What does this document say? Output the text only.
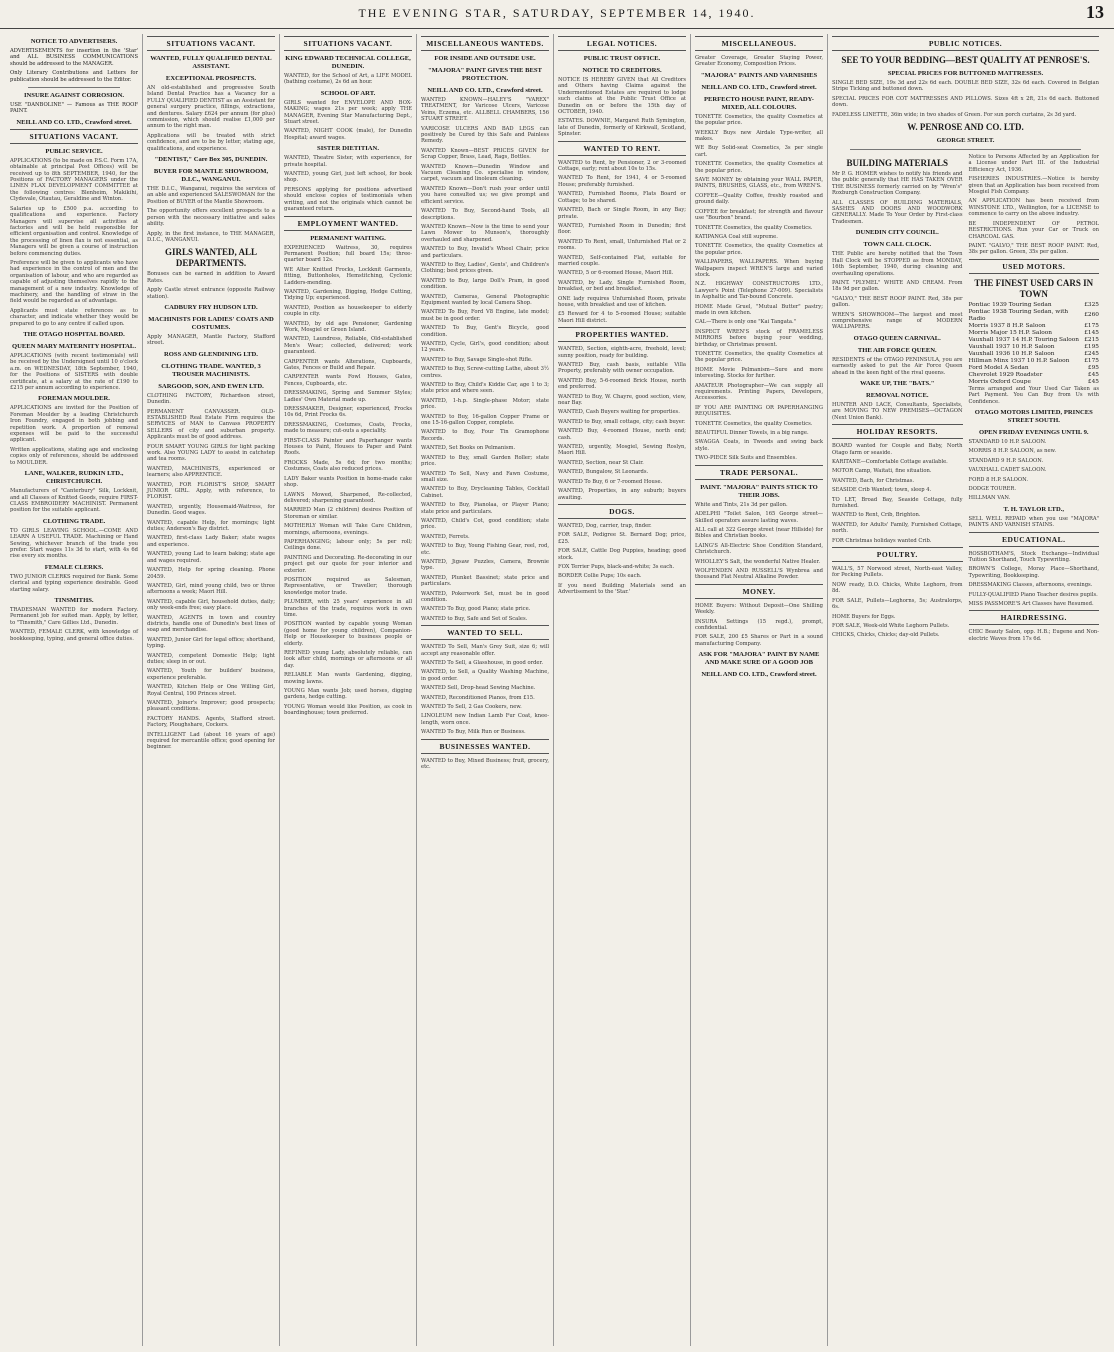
THE EVENING STAR, SATURDAY, SEPTEMBER 14, 1940.	13
NOTICE TO ADVERTISERS.
ADVERTISEMENTS for insertion in the 'Star' and ALL BUSINESS COMMUNICATIONS should be addressed to the MANAGER.
Only Literary Contributions and Letters for publication should be addressed to the Editor.
INSURE AGAINST CORROSION.
USE "DANBOLINE" — Famous as THE ROOF PAINT.
NEILL AND CO. LTD., Crawford street.
SITUATIONS VACANT.
PUBLIC SERVICE.

APPLICATIONS (to be made on P.S.C. Form 17A, obtainable at principal Post Offices) will be received up to 8th SEPTEMBER, 1940, for the Positions of FACTORY MANAGERS under the LINEN FLAX DEVELOPMENT COMMITTEE at the following centres: Blenheim, Makikihi, Clydevale, Otautau, Geraldine and Winton.

Salaries up to £500 p.a. according to qualifications and experience. Factory Managers will supervise all activities at factories and will be held responsible for efficient organisation and control. Knowledge of the processing of linen flax is not essential, as Managers will be given a course of instruction before commencing duties.

Preference will be given to applicants who have had experience in the control of men and the organisation of labour, and who are regarded as capable of adjusting themselves rapidly to the management of a new industry. Knowledge of machinery, and the handling of straw in the field would be regarded as of advantage.

Applicants must state references as to character, and indicate whether they would be prepared to go to any centre if called upon.

THE OTAGO HOSPITAL BOARD.
QUEEN MARY MATERNITY HOSPITAL.

APPLICATIONS (with recent testimonials) will be received by the Undersigned until 10 o'clock a.m. on WEDNESDAY, 18th September, 1940, for the Positions of SISTERS with double certificate, at a salary at the rate of £190 to £215 per annum according to experience.

FOREMAN MOULDER.

APPLICATIONS are invited for the Position of Foreman Moulder by a leading Christchurch Iron Foundry, engaged in both jobbing and repetition work. A proportion of removal expenses will be paid to the successful applicant.

Written applications, stating age and enclosing copies only of references, should be addressed to MOULDER.

LANE, WALKER, RUDKIN LTD., CHRISTCHURCH.

Manufacturers of "Canterbury" Silk, Lockknit, and all Classes of Knitted Goods, require FIRST-CLASS EMBROIDERY MACHINIST. Permanent position for the suitable applicant.

CLOTHING TRADE.

TO GIRLS LEAVING SCHOOL.—COME AND LEARN A USEFUL TRADE. Machining or Hand Sewing, whichever branch of the trade you prefer. Start wages 11s 3d to start, with 4s 6d rise every six months.

FEMALE CLERKS.

TWO JUNIOR CLERKS required for Bank. Some clerical and typing experience desirable. Good starting salary.

TINSMITHS.

TRADESMAN WANTED for modern Factory. Permanent job for suited man. Apply, by letter, to "Tinsmith," Care Gillies Ltd., Dunedin.

WANTED, FEMALE CLERK, with knowledge of bookkeeping, typing, and general office duties.

SITUATIONS VACANT.
WANTED, FULLY QUALIFIED DENTAL ASSISTANT.
EXCEPTIONAL PROSPECTS.

AN old-established and progressive South Island Dental Practice has a Vacancy for a FULLY QUALIFIED DENTIST as an Assistant for general surgery practice, fillings, extractions, and dentures. Salary £624 per annum (for plus) commission, which should realise £1,000 per annum to the right man.

Applications will be treated with strict confidence, and are to be by letter, stating age, qualifications, and experience.

"DENTIST," Care Box 305, DUNEDIN.
BUYER FOR MANTLE SHOWROOM, D.I.C., WANGANUI.

THE D.I.C., Wanganui, requires the services of an able and experienced SALESWOMAN for the Position of BUYER of the Mantle Showroom.

The opportunity offers excellent prospects to a person with the necessary initiative and sales ability.

Apply, in the first instance, to THE MANAGER, D.I.C., WANGANUI.

GIRLS WANTED, ALL DEPARTMENTS.

Bonuses can be earned in addition to Award Rates.

Apply Castle street entrance (opposite Railway station).

CADBURY FRY HUDSON LTD.
MACHINISTS FOR LADIES' COATS AND COSTUMES.

Apply MANAGER, Mantle Factory, Stafford street.

ROSS AND GLENDINING LTD.
CLOTHING TRADE. WANTED, 3 TROUSER MACHINISTS.
SARGOOD, SON, AND EWEN LTD.

CLOTHING FACTORY, Richardson street, Dunedin.

PERMANENT CANVASSER. OLD-ESTABLISHED Real Estate Firm requires the SERVICES of MAN to Canvass PROPERTY SELLERS of city and suburban property. Applicants must be of good address.

FOUR SMART YOUNG GIRLS for light packing work. Also YOUNG LADY to assist in catchstep and tea rooms.

WANTED, MACHINISTS, experienced or learners; also APPRENTICE.

WANTED, FOR FLORIST'S SHOP, SMART JUNIOR GIRL. Apply, with reference, to FLORIST.

WANTED, urgently, Housemaid-Waitress, for Dunedin. Good wages.

WANTED, capable Help, for mornings; light duties; Anderson's Bay district.

WANTED, first-class Lady Baker; state wages and experience.

WANTED, young Lad to learn baking; state age and wages required.

WANTED, Help for spring cleaning. Phone 20459.

WANTED, Girl, mind young child, two or three afternoons a week; Maori Hill.

WANTED, capable Girl, household duties, daily; only week-ends free; easy place.

WANTED, AGENTS in town and country districts, handle one of Dunedin's best lines of soap and merchandise.

WANTED, Junior Girl for legal office; shorthand, typing.

WANTED, competent Domestic Help; light duties; sleep in or out.

WANTED, Youth for builders' business, experience preferable.

WANTED, Kitchen Help or One Willing Girl, Royal Central, 190 Princes street.

WANTED, Joiner's Improver; good prospects; pleasant conditions.

FACTORY HANDS. Agents, Stafford street. Factory, Ploughshare, Cockers.

INTELLIGENT Lad (about 16 years of age) required for mercantile office; good opening for beginner.

SITUATIONS VACANT.
KING EDWARD TECHNICAL COLLEGE, DUNEDIN.

WANTED, for the School of Art, a LIFE MODEL (bathing costume), 2s 6d an hour.

SCHOOL OF ART.

GIRLS wanted for ENVELOPE AND BOX-MAKING; wages 21s per week; apply THE MANAGER, Evening Star Manufacturing Dept., Stuart street.

WANTED, NIGHT COOK (male), for Dunedin Hospital; award wages.

SISTER DIETITIAN.

WANTED, Theatre Sister, with experience, for private hospital.

WANTED, young Girl, just left school, for book shop.

PERSONS applying for positions advertised should enclose copies of testimonials when writing, and not the originals which cannot be guaranteed return.

EMPLOYMENT WANTED.
PERMANENT WAITING.

EXPERIENCED Waitress, 30, requires Permanent Position; full board 15s; three-quarter board 12s.

WE Alter Knitted Frocks, Lockknit Garments, fitting, Buttonholes, Hemstitching, Cyclonic Ladders-mending.

WANTED, Gardening, Digging, Hedge Cutting, Tidying Up; experienced.

WANTED, Position as housekeeper to elderly couple in city.

WANTED, by old age Pensioner, Gardening Work, Mosgiel or Green Island.

WANTED, Laundress, Reliable, Old-established Men's Wear; collected, delivered; work guaranteed.

CARPENTER wants Alterations, Cupboards, Gates, Fences or Build and Repair.

CARPENTER wants Fowl Houses, Gates, Fences, Cupboards, etc.

DRESSMAKING, Spring and Summer Styles; Ladies' Own Material made up.

DRESSMAKER, Designer, experienced, Frocks 10s 6d, Print Frocks 6s.

DRESSMAKING, Costumes, Coats, Frocks, made to measure; cut-outs a speciality.

FIRST-CLASS Painter and Paperhanger wants Houses to Paint, Houses to Paper and Paint Roofs.

FROCKS Made, 5s 6d; for two months; Costumes, Coats also reduced prices.

LADY Baker wants Position in home-made cake shop.

LAWNS Mowed, Sharpened, Re-collected, delivered; sharpening guaranteed.

MARRIED Man (2 children) desires Position of Storeman or similar.

MOTHERLY Woman will Take Care Children, mornings, afternoons, evenings.

PAPERHANGING; labour only; 5s per roll; Ceilings done.

PAINTING and Decorating. Re-decorating in our project get our quote for your interior and exterior.

POSITION required as Salesman, Representative, or Traveller; thorough knowledge motor trade.

PLUMBER, with 25 years' experience in all branches of the trade, requires work in own time.

POSITION wanted by capable young Woman (good home for young children), Companion-Help or Housekeeper to business people or elderly.

REFINED young Lady, absolutely reliable, can look after child, mornings or afternoons or all day.

RELIABLE Man wants Gardening, digging, mowing lawns.

YOUNG Man wants Job; used horses, digging gardens, hedge cutting.

YOUNG Woman would like Position, as cook in boardinghouse; town preferred.

MISCELLANEOUS WANTEDS.
FOR INSIDE AND OUTSIDE USE.
"MAJORA" PAINT GIVES THE BEST PROTECTION.
NEILL AND CO. LTD., Crawford street.

WANTED KNOWN—HALEY'S "VAREX" TREATMENT, for Varicose Ulcers, Varicose Veins, Eczema, etc. ALLBELL CHAMBERS, 156 STUART STREET.

VARICOSE ULCERS AND BAD LEGS can positively be Cured by this Safe and Painless Remedy.

WANTED Known—BEST PRICES GIVEN for Scrap Copper, Brass, Lead, Rags, Bottles.

WANTED Known—Dunedin Window and Vacuum Cleaning Co. specialise in window, carpet, vacuum and linoleum cleaning.

WANTED Known—Don't rush your order until you have consulted us; we give prompt and efficient service.

WANTED To Buy, Second-hand Tools, all descriptions.

WANTED Known—Now is the time to send your Lawn Mower to Munson's, thoroughly overhauled and sharpened.

WANTED to Buy, Invalid's Wheel Chair; price and particulars.

WANTED to Buy, Ladies', Gents', and Children's Clothing; best prices given.

WANTED to Buy, large Doll's Pram, in good condition.

WANTED, Cameras, General Photographic Equipment wanted by local Camera Shop.

WANTED To Buy, Ford V8 Engine, late model; must be in good order.

WANTED To Buy, Gent's Bicycle, good condition.

WANTED, Cycle, Girl's, good condition; about 12 years.

WANTED to Buy, Savage Single-shot Rifle.

WANTED to Buy, Screw-cutting Lathe, about 3½ centres.

WANTED to Buy, Child's Kiddie Car, age 1 to 3; state price and where seen.

WANTED, 1-h.p. Single-phase Motor; state price.

WANTED to Buy, 16-gallon Copper Frame or one 15-16-gallon Copper, complete.

WANTED to Buy, Four Tin Gramophone Records.

WANTED, Set Books on Pelmanism.

WANTED to Buy, small Garden Roller; state price.

WANTED To Sell, Navy and Fawn Costume, small size.

WANTED to Buy, Drycleaning Tables, Cocktail Cabinet.

WANTED to Buy, Pianolaa, or Player Piano; state price and particulars.

WANTED, Child's Cot, good condition; state price.

WANTED, Ferrets.

WANTED to Buy, Young Fishing Gear, reel, rod, etc.

WANTED, Jigsaw Puzzles, Camera, Brownie type.

WANTED, Plunket Bassinet; state price and particulars.

WANTED, Pokerwork Set, must be in good condition.

WANTED To Buy, good Piano; state price.

WANTED to Buy, Safe and Set of Scales.

WANTED TO SELL.

WANTED To Sell, Man's Grey Suit, size 6; will accept any reasonable offer.

WANTED To Sell, a Glasshouse, in good order.

WANTED, to Sell, a Quality Washing Machine, in good order.

WANTED Sell, Drop-head Sewing Machine.

WANTED, Reconditioned Pianos, from £15.

WANTED To Sell, 2 Gas Cookers, new.

LINOLEUM new Indian Lamb Fur Coat, knee-length, worn once.

WANTED To Buy, Milk Run or Business.

BUSINESSES WANTED.

WANTED to Buy, Mixed Business; fruit, grocery, etc.

LEGAL NOTICES.
PUBLIC TRUST OFFICE.
NOTICE TO CREDITORS.

NOTICE IS HEREBY GIVEN that All Creditors and Others having Claims against the Undermentioned Estates are required to lodge such claims at the Public Trust Office at Dunedin on or before the 15th day of OCTOBER, 1940.

ESTATES. DOWNIE, Margaret Ruth Symington, late of Dunedin, formerly of Kirkwall, Scotland, Spinster.

WANTED TO RENT.

WANTED to Rent, by Pensioner, 2 or 3-roomed Cottage, early; rent about 10s to 15s.

WANTED To Rent, for 1941, 4 or 5-roomed House; preferably furnished.

WANTED, Furnished Rooms, Flats Board or Cottage; to be shared.

WANTED, Bach or Single Room, in any Bay; private.

WANTED, Furnished Room in Dunedin; first floor.

WANTED To Rent, small, Unfurnished Flat or 2 rooms.

WANTED, Self-contained Flat, suitable for married couple.

WANTED, 5 or 6-roomed House, Maori Hill.

WANTED, by Lady, Single Furnished Room, breakfast, or bed and breakfast.

ONE lady requires Unfurnished Room, private house, with breakfast and use of kitchen.

£5 Reward for 4 to 5-roomed House; suitable Maori Hill district.

PROPERTIES WANTED.

WANTED, Section, eighth-acre, freehold, level; sunny position, ready for building.

WANTED Buy, cash basis, suitable Villa Property, preferably with owner occupation.

WANTED Buy, 5-6-roomed Brick House, north end preferred.

WANTED to Buy, W. Chayre, good section, view, near Bay.

WANTED, Cash Buyers waiting for properties.

WANTED to Buy, small cottage, city; cash buyer.

WANTED Buy, 4-roomed House, north end; cash.

WANTED, urgently, Mosgiel, Sewing Roslyn, Maori Hill.

WANTED, Section, near St Clair.

WANTED, Bungalow, St Leonards.

WANTED To Buy, 6 or 7-roomed House.

WANTED, Properties, in any suburb; buyers awaiting.

DOGS.

WANTED, Dog, carrier, trap, finder.

FOR SALE, Pedigree St. Bernard Dog; price, £25.

FOR SALE, Cattle Dog Puppies, heading; good stock.

FOX Terrier Pups, black-and-white; 3s each.

BORDER Collie Pups; 10s each.

If you need Building Materials send an Advertisement to the 'Star.'

MISCELLANEOUS.

Greater Coverage, Greater Staying Power, Greater Economy, Composition Prices.

"MAJORA" PAINTS AND VARNISHES
NEILL AND CO. LTD., Crawford street.
PERFECTO HOUSE PAINT, READY-MIXED, ALL COLOURS.

TONETTE Cosmetics, the quality Cosmetics at the popular price.

WEEKLY Buys new Airdale Type-writer, all makes.

WE Buy Solid-seat Cosmetics, 3s per single cart.

TONETTE Cosmetics, the quality Cosmetics at the popular price.

SAVE MONEY by obtaining your WALL PAPER, PAINTS, BRUSHES, GLASS, etc., from WREN'S.

COFFEE—Quality Coffee, freshly roasted and ground daily.

COFFEE for breakfast; for strength and flavour use "Bourbon" brand.

TONETTE Cosmetics, the quality Cosmetics.

KATIPANGA Coal still supreme.

TONETTE Cosmetics, the quality Cosmetics at the popular price.

WALLPAPERS, WALLPAPERS. When buying Wallpapers inspect WREN'S large and varied stock.

N.Z. HIGHWAY CONSTRUCTORS LTD., Lawyer's Point (Telephone 27-009). Specialists in Asphaltic and Tar-bound Concrete.

HOME Made Gruel, "Mutual Butter" pastry; made in own kitchen.

CAL—There is only one "Kai Tangata."

INSPECT WREN'S stock of FRAMELESS MIRRORS before buying your wedding, birthday, or Christmas present.

TONETTE Cosmetics, the quality Cosmetics at the popular price.

HOME Movie Pelmanism—Sure and more interesting. Stocks for further.

AMATEUR Photographer—We can supply all requirements. Printing Papers, Developers, Accessories.

IF YOU ARE PAINTING OR PAPERHANGING REQUISITES.

TONETTE Cosmetics, the quality Cosmetics.

BEAUTIFUL Dinner Towels, in a big range.

SWAGGA Coats, in Tweeds and swing back style.

TWO-PIECE Silk Suits and Ensembles.

TRADE PERSONAL.
PAINT. "MAJORA" PAINTS STICK TO THEIR JOBS.

White and Tints, 21s 3d per gallon.

ADELPHI "Toilet Salon, 165 George street—Skilled operators assure lasting waves.

ALL call at 322 George street (near Hillside) for Bibles and Christian books.

LAING'S All-Electric Shoe Condition Standard, Christchurch.

WHOLLEY'S Salt, the wonderful Native Healer.

WOLFENDEN AND RUSSELL'S Wynbrea and thousand Flat Neutral Alkaline Powder.

MONEY.

HOME Buyers: Without Deposit—One Shilling Weekly.

INSURA Settings (15 regd.), prompt, confidential.

FOR SALE, 200 £5 Shares or Part in a sound manufacturing Company.

ASK FOR "MAJORA" PAINT BY NAME AND MAKE SURE OF A GOOD JOB
NEILL AND CO. LTD., Crawford street.
PUBLIC NOTICES.
SEE TO YOUR BEDDING—BEST QUALITY AT PENROSE'S.
SPECIAL PRICES FOR BUTTONED MATTRESSES.

SINGLE BED SIZE, 19s 3d and 22s 6d each. DOUBLE BED SIZE, 32s 6d each. Covered in Belgian Stripe Ticking and buttoned down.

SPECIAL PRICES FOR COT MATTRESSES AND PILLOWS. Sizes 4ft x 2ft, 21s 6d each. Buttoned down.

FADELESS LINETTE, 36in wide; in two shades of Green. For sun porch curtains, 2s 3d yard.

W. PENROSE AND CO. LTD.
GEORGE STREET.
BUILDING MATERIALS

Mr P. G. HOMER wishes to notify his friends and the public generally that HE HAS TAKEN OVER THE BUSINESS formerly carried on by "Wren's" Roxburgh Construction Company.

ALL CLASSES OF BUILDING MATERIALS, SASHES AND DOORS AND WOODWORK GENERALLY. Made To Your Order by First-class Tradesmen.

DUNEDIN CITY COUNCIL.
TOWN CALL CLOCK.

THE Public are hereby notified that the Town Hall Clock will be STOPPED as from MONDAY, 16th September, 1940, during cleaning and overhauling operations.

PAINT. "PLYMEL" WHITE AND CREAM. From 18s 9d per gallon.

"GALVO," THE BEST ROOF PAINT. Red, 38s per gallon.

WREN'S SHOWROOM—The largest and most comprehensive range of MODERN WALLPAPERS.

OTAGO QUEEN CARNIVAL.
THE AIR FORCE QUEEN.

RESIDENTS of the OTAGO PENINSULA, you are earnestly asked to put the Air Force Queen ahead in the keen fight of the rival queens.

WAKE UP, THE "BATS."
REMOVAL NOTICE.

HUNTER AND LACE, Consultants, Specialists, are MOVING TO NEW PREMISES—OCTAGON (Next Union Bank).

HOLIDAY RESORTS.

BOARD wanted for Couple and Baby, North Otago farm or seaside.

KARITANE—Comfortable Cottage available.

MOTOR Camp, Waitati, fine situation.

WANTED, Bach, for Christmas.

SEASIDE Crib Wanted; town, sleep 4.

TO LET, Broad Bay, Seaside Cottage, fully furnished.

WANTED to Rent, Crib, Brighton.

WANTED, for Adults' Family, Furnished Cottage, north.

FOR Christmas holidays wanted Crib.

POULTRY.

WALL'S, 57 Norwood street, North-east Valley, for Pecking Pullets.

NOW ready, D.O. Chicks, White Leghorn, from 8d.

FOR SALE, Pullets—Leghorns, 5s; Australorps, 6s.

HOME Buyers for Eggs.

FOR SALE, Week-old White Leghorn Pullets.

CHICKS, Chicks, Chicks; day-old Pullets.

Notice to Persons Affected by an Application for a License under Part III. of the Industrial Efficiency Act, 1936.

FISHERIES INDUSTRIES.—Notice is hereby given that an Application has been received from Mosgiel Fish Company.

AN APPLICATION has been received from WINSTONE LTD., Wellington, for a LICENSE to commence to carry on the above industry.

BE INDEPENDENT OF PETROL RESTRICTIONS. Run your Car or Truck on CHARCOAL GAS.

PAINT. "GALVO," THE BEST ROOF PAINT. Red, 38s per gallon. Green, 35s per gallon.

USED MOTORS.
THE FINEST USED CARS IN TOWN
Pontiac 1939 Touring Sedan	£325
Pontiac 1938 Touring Sedan, with Radio	£260
Morris 1937 8 H.P. Saloon	£175
Morris Major 15 H.P. Saloon	£145
Vauxhall 1937 14 H.P. Touring Saloon	£215
Vauxhall 1937 10 H.P. Saloon	£195
Vauxhall 1936 10 H.P. Saloon	£245
Hillman Minx 1937 10 H.P. Saloon	£175
Ford Model A Sedan	£95
Chevrolet 1929 Roadster	£45
Morris Oxford Coupe	£45

Terms arranged and Your Used Car Taken as Part Payment. You Can Buy from Us with Confidence.

OTAGO MOTORS LIMITED, PRINCES STREET SOUTH.
OPEN FRIDAY EVENINGS UNTIL 9.

STANDARD 10 H.P. SALOON.

MORRIS 8 H.P. SALOON, as new.

STANDARD 9 H.P. SALOON.

VAUXHALL CADET SALOON.

FORD 8 H.P. SALOON.

DODGE TOURER.

HILLMAN VAN.

T. H. TAYLOR LTD.,

SELL WELL REPAID when you use "MAJORA" PAINTS AND VARNISH STAINS.

EDUCATIONAL.

ROSSBOTHAM'S, Stock Exchange—Individual Tuition Shorthand, Touch Typewriting.

BROWN'S College, Moray Place—Shorthand, Typewriting, Bookkeeping.

DRESSMAKING Classes, afternoons, evenings.

FULLY-QUALIFIED Piano Teacher desires pupils.

MISS PASSMORE'S Art Classes have Resumed.

HAIRDRESSING.

CHIC Beauty Salon, opp. H.B.; Eugene and Non-electric Waves from 17s 6d.
